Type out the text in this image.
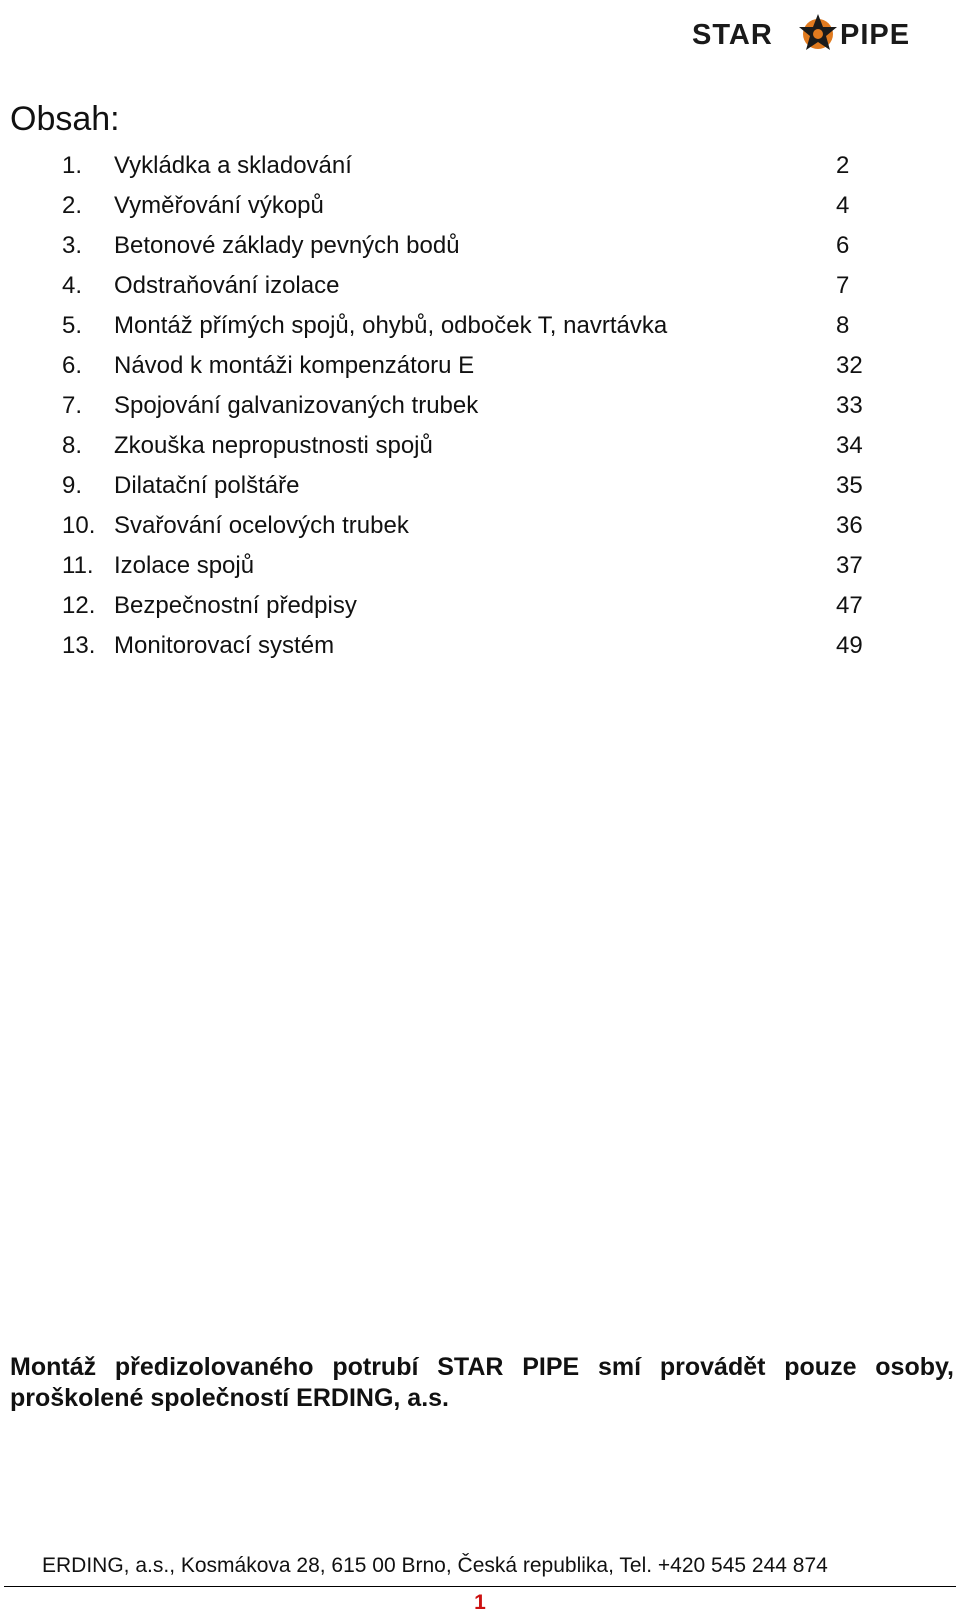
STAR PIPE
Obsah:
1. Vykládka a skladování	2
2. Vyměřování výkopů	4
3. Betonové základy pevných bodů	6
4. Odstraňování izolace	7
5. Montáž přímých spojů, ohybů, odboček T, navrtávka	8
6. Návod k montáži kompenzátoru E	32
7. Spojování galvanizovaných trubek	33
8. Zkouška nepropustnosti spojů	34
9. Dilatační polštáře	35
10. Svařování ocelových trubek	36
11. Izolace spojů	37
12. Bezpečnostní předpisy	47
13. Monitorovací systém	49

Montáž předizolovaného potrubí STAR PIPE smí provádět pouze osoby, proškolené společností ERDING, a.s.

ERDING, a.s., Kosmákova 28, 615 00 Brno, Česká republika, Tel. +420 545 244 874
1
